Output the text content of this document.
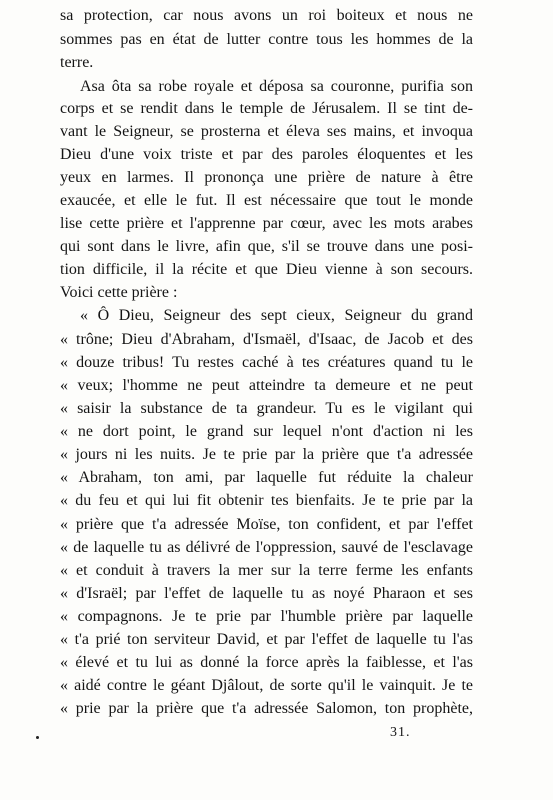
sa protection, car nous avons un roi boiteux et nous ne
sommes pas en état de lutter contre tous les hommes de la
terre.
Asa ôta sa robe royale et déposa sa couronne, purifia son
corps et se rendit dans le temple de Jérusalem. Il se tint de-
vant le Seigneur, se prosterna et éleva ses mains, et invoqua
Dieu d'une voix triste et par des paroles éloquentes et les
yeux en larmes. Il prononça une prière de nature à être
exaucée, et elle le fut. Il est nécessaire que tout le monde
lise cette prière et l'apprenne par cœur, avec les mots arabes
qui sont dans le livre, afin que, s'il se trouve dans une posi-
tion difficile, il la récite et que Dieu vienne à son secours.
Voici cette prière :
« Ô Dieu, Seigneur des sept cieux, Seigneur du grand
« trône; Dieu d'Abraham, d'Ismaël, d'Isaac, de Jacob et des
« douze tribus! Tu restes caché à tes créatures quand tu le
« veux; l'homme ne peut atteindre ta demeure et ne peut
« saisir la substance de ta grandeur. Tu es le vigilant qui
« ne dort point, le grand sur lequel n'ont d'action ni les
« jours ni les nuits. Je te prie par la prière que t'a adressée
« Abraham, ton ami, par laquelle fut réduite la chaleur
« du feu et qui lui fit obtenir tes bienfaits. Je te prie par la
« prière que t'a adressée Moïse, ton confident, et par l'effet
« de laquelle tu as délivré de l'oppression, sauvé de l'esclavage
« et conduit à travers la mer sur la terre ferme les enfants
« d'Israël; par l'effet de laquelle tu as noyé Pharaon et ses
« compagnons. Je te prie par l'humble prière par laquelle
« t'a prié ton serviteur David, et par l'effet de laquelle tu l'as
« élevé et tu lui as donné la force après la faiblesse, et l'as
« aidé contre le géant Djâlout, de sorte qu'il le vainquit. Je te
« prie par la prière que t'a adressée Salomon, ton prophète,
31.
